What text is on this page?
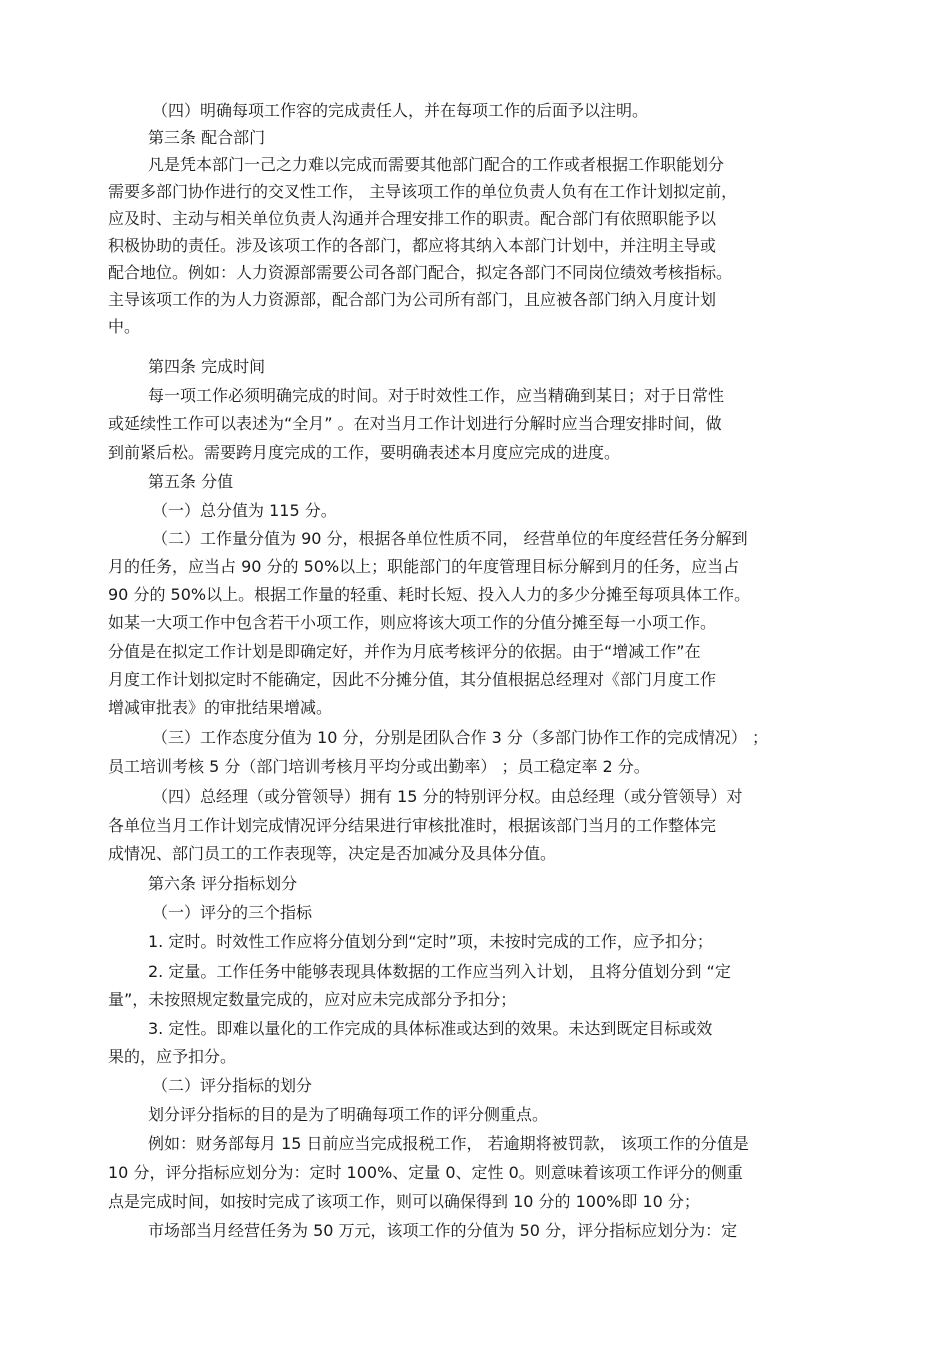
（四）明确每项工作容的完成责任人，并在每项工作的后面予以注明。
第三条 配合部门
凡是凭本部门一己之力难以完成而需要其他部门配合的工作或者根据工作职能划分
需要多部门协作进行的交叉性工作， 主导该项工作的单位负责人负有在工作计划拟定前，
应及时、主动与相关单位负责人沟通并合理安排工作的职责。配合部门有依照职能予以
积极协助的责任。涉及该项工作的各部门，都应将其纳入本部门计划中，并注明主导或
配合地位。例如：人力资源部需要公司各部门配合，拟定各部门不同岗位绩效考核指标。
主导该项工作的为人力资源部，配合部门为公司所有部门，且应被各部门纳入月度计划
中。
第四条 完成时间
每一项工作必须明确完成的时间。对于时效性工作，应当精确到某日；对于日常性
或延续性工作可以表述为“全月” 。在对当月工作计划进行分解时应当合理安排时间，做
到前紧后松。需要跨月度完成的工作，要明确表述本月度应完成的进度。
第五条 分值
（一）总分值为 115 分。
（二）工作量分值为 90 分，根据各单位性质不同， 经营单位的年度经营任务分解到
月的任务，应当占 90 分的 50%以上；职能部门的年度管理目标分解到月的任务，应当占
90 分的 50%以上。根据工作量的轻重、耗时长短、投入人力的多少分摊至每项具体工作。
如某一大项工作中包含若干小项工作，则应将该大项工作的分值分摊至每一小项工作。
分值是在拟定工作计划是即确定好，并作为月底考核评分的依据。由于“增减工作”在
月度工作计划拟定时不能确定，因此不分摊分值，其分值根据总经理对《部门月度工作
增减审批表》的审批结果增减。
（三）工作态度分值为 10 分，分别是团队合作 3 分（多部门协作工作的完成情况） ；
员工培训考核 5 分（部门培训考核月平均分或出勤率） ；员工稳定率 2 分。
（四）总经理（或分管领导）拥有 15 分的特别评分权。由总经理（或分管领导）对
各单位当月工作计划完成情况评分结果进行审核批准时，根据该部门当月的工作整体完
成情况、部门员工的工作表现等，决定是否加减分及具体分值。
第六条 评分指标划分
（一）评分的三个指标
1. 定时。时效性工作应将分值划分到“定时”项，未按时完成的工作，应予扣分；
2. 定量。工作任务中能够表现具体数据的工作应当列入计划， 且将分值划分到 “定
量”，未按照规定数量完成的，应对应未完成部分予扣分；
3. 定性。即难以量化的工作完成的具体标准或达到的效果。未达到既定目标或效
果的，应予扣分。
（二）评分指标的划分
划分评分指标的目的是为了明确每项工作的评分侧重点。
例如：财务部每月 15 日前应当完成报税工作， 若逾期将被罚款， 该项工作的分值是
10 分，评分指标应划分为：定时 100%、定量 0、定性 0。则意味着该项工作评分的侧重
点是完成时间，如按时完成了该项工作，则可以确保得到 10 分的 100%即 10 分；
市场部当月经营任务为 50 万元，该项工作的分值为 50 分，评分指标应划分为：定
